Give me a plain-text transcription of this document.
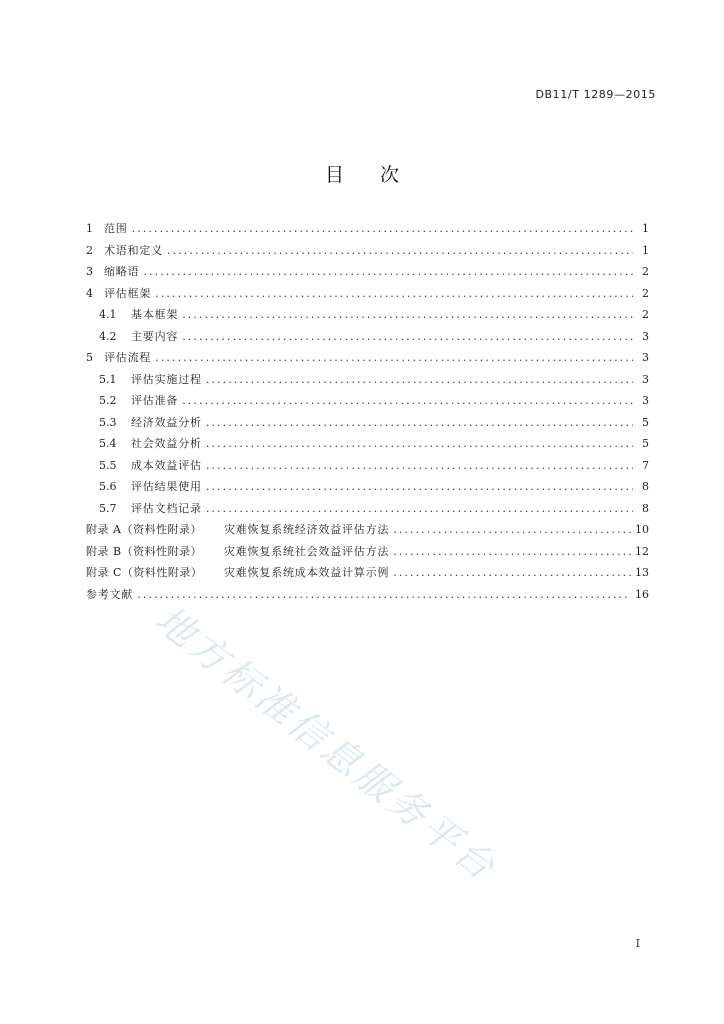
DB11/T 1289—2015
目 次
1	范围 .....	1
2	术语和定义 .....	1
3	缩略语 .....	2
4	评估框架 .....	2
4.1	基本框架 .....	2
4.2	主要内容 .....	3
5	评估流程 .....	3
5.1	评估实施过程 .....	3
5.2	评估准备 .....	3
5.3	经济效益分析 .....	5
5.4	社会效益分析 .....	5
5.5	成本效益评估 .....	7
5.6	评估结果使用 .....	8
5.7	评估文档记录 .....	8
附录 A（资料性附录）	灾难恢复系统经济效益评估方法 .....	10
附录 B（资料性附录）	灾难恢复系统社会效益评估方法 .....	12
附录 C（资料性附录）	灾难恢复系统成本效益计算示例 .....	13
参考文献 .....	16
地方标准信息服务平台
I
